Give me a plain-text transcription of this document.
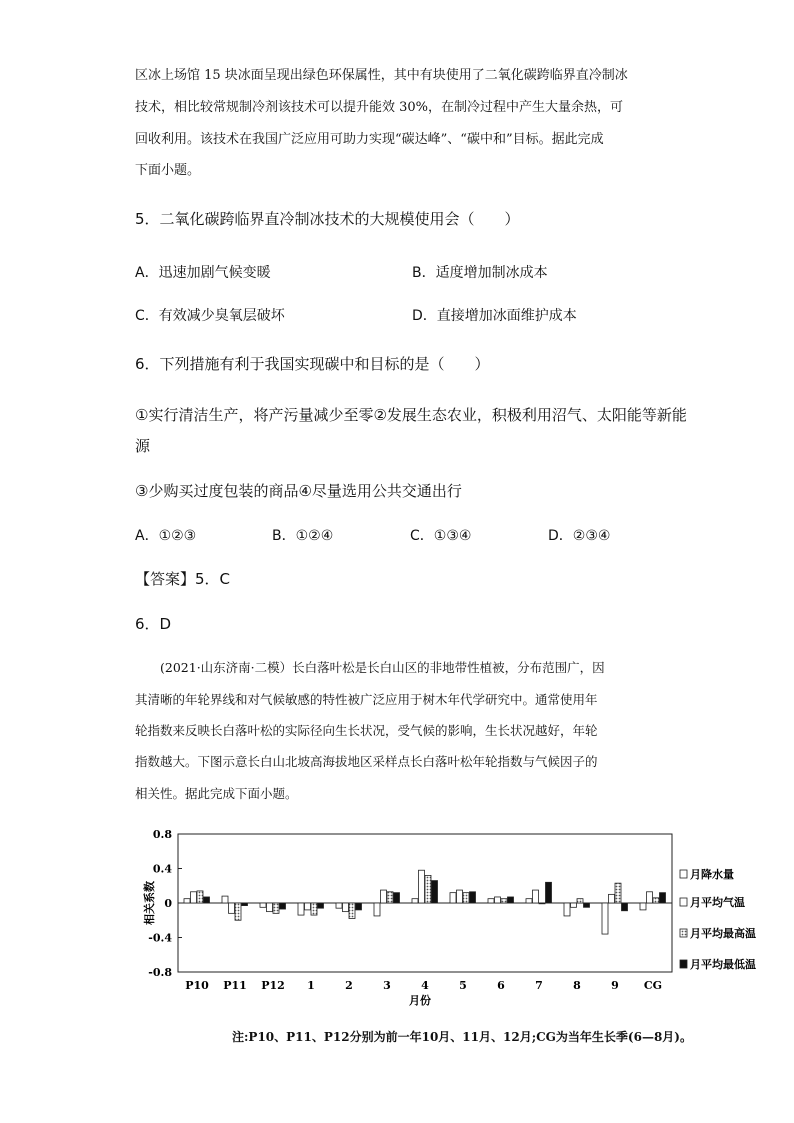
区冰上场馆 15 块冰面呈现出绿色环保属性，其中有块使用了二氧化碳跨临界直冷制冰
技术，相比较常规制冷剂该技术可以提升能效 30%，在制冷过程中产生大量余热，可
回收利用。该技术在我国广泛应用可助力实现“碳达峰”、“碳中和”目标。据此完成
下面小题。
5．二氧化碳跨临界直冷制冰技术的大规模使用会（　　）
A．迅速加剧气候变暖	B．适度增加制冰成本
C．有效减少臭氧层破坏	D．直接增加冰面维护成本
6．下列措施有利于我国实现碳中和目标的是（　　）
①实行清洁生产，将产污量减少至零②发展生态农业，积极利用沼气、太阳能等新能
源
③少购买过度包装的商品④尽量选用公共交通出行
A．①②③	B．①②④	C．①③④	D．②③④
【答案】5．C
6．D
　　(2021·山东济南·二模）长白落叶松是长白山区的非地带性植被，分布范围广，因
其清晰的年轮界线和对气候敏感的特性被广泛应用于树木年代学研究中。通常使用年
轮指数来反映长白落叶松的实际径向生长状况，受气候的影响，生长状况越好，年轮
指数越大。下图示意长白山北坡高海拔地区采样点长白落叶松年轮指数与气候因子的
相关性。据此完成下面小题。
0.8
0.4
0
-0.4
-0.8
相关系数
P10 P11 P12 1	2	3	4	5	6	7	8	9 CG
月份
月降水量
月平均气温
月平均最高温
月平均最低温
注:P10、P11、P12分别为前一年10月、11月、12月;CG为当年生长季(6—8月)。
